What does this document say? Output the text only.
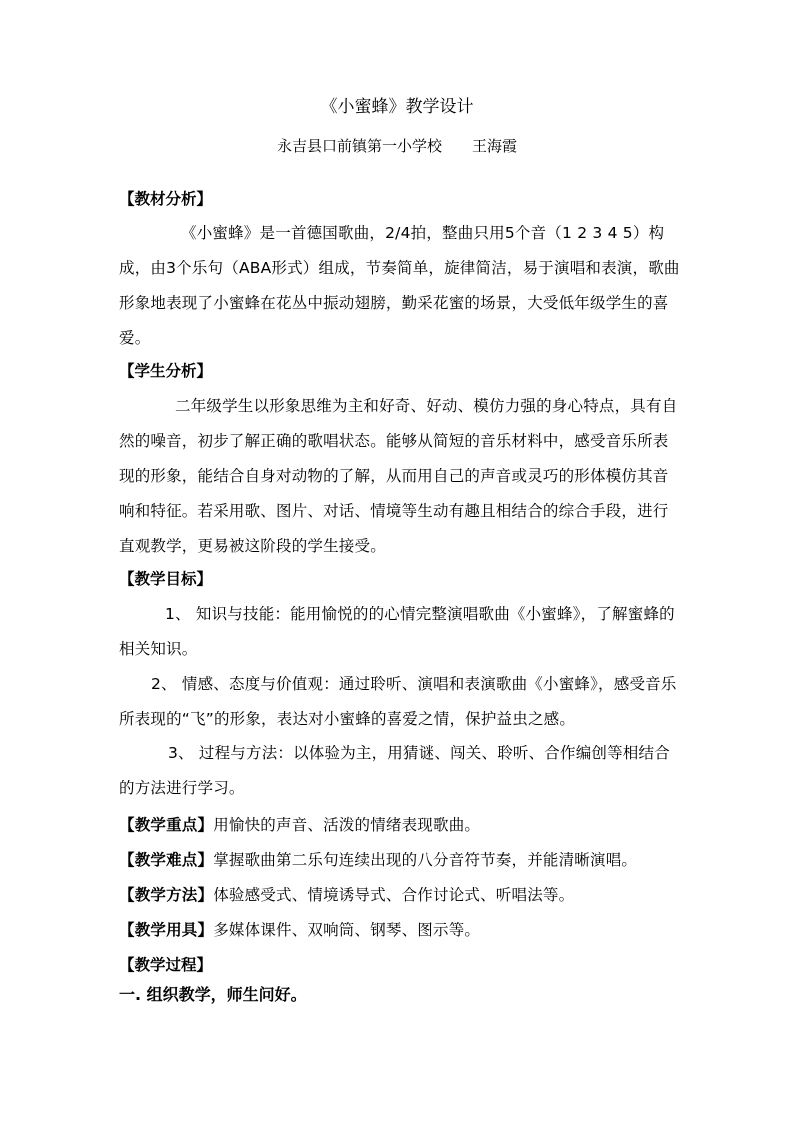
《小蜜蜂》教学设计
永吉县口前镇第一小学校 王海霞
【教材分析】
《小蜜蜂》是一首德国歌曲，2/4拍，整曲只用5个音（1 2 3 4 5）构成，由3个乐句（ABA形式）组成，节奏简单，旋律简洁，易于演唱和表演，歌曲形象地表现了小蜜蜂在花丛中振动翅膀，勤采花蜜的场景，大受低年级学生的喜爱。
【学生分析】
二年级学生以形象思维为主和好奇、好动、模仿力强的身心特点，具有自然的噪音，初步了解正确的歌唱状态。能够从简短的音乐材料中，感受音乐所表现的形象，能结合自身对动物的了解，从而用自己的声音或灵巧的形体模仿其音响和特征。若采用歌、图片、对话、情境等生动有趣且相结合的综合手段，进行直观教学，更易被这阶段的学生接受。
【教学目标】
1、 知识与技能：能用愉悦的的心情完整演唱歌曲《小蜜蜂》，了解蜜蜂的相关知识。
2、 情感、态度与价值观：通过聆听、演唱和表演歌曲《小蜜蜂》，感受音乐所表现的“飞”的形象，表达对小蜜蜂的喜爱之情，保护益虫之感。
3、 过程与方法：以体验为主，用猜谜、闯关、聆听、合作编创等相结合的方法进行学习。
【教学重点】用愉快的声音、活泼的情绪表现歌曲。
【教学难点】掌握歌曲第二乐句连续出现的八分音符节奏，并能清晰演唱。
【教学方法】体验感受式、情境诱导式、合作讨论式、听唱法等。
【教学用具】多媒体课件、双响筒、钢琴、图示等。
【教学过程】
一. 组织教学，师生问好。
